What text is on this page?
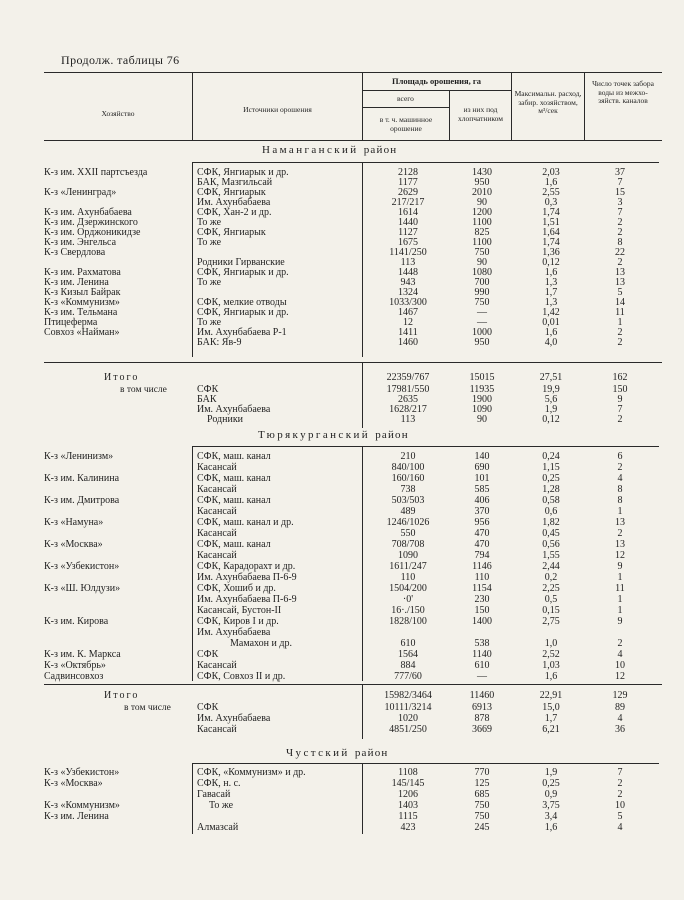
Продолж. таблицы 76
Хозяйство	Источники орошения
Площадь орошения, га
всего
в т. ч. машинное орошение
из них под хлопчатником
Максимальн. расход, забир. хозяйством, м³/сек
Число точек забора воды из межхо-зяйств. каналов
Наманганский район
К-з им. XXII партсъезда	СФК, Янгиарык и др.	2128	1430	2,03	37
БАК, Мазгильсай	1177	950	1,6	7
К-з «Ленинград»	СФК, Янгиарык	2629	2010	2,55	15
Им. Ахунбабаева	217/217	90	0,3	3
К-з им. Ахунбабаева	СФК, Хан-2 и др.	1614	1200	1,74	7
К-з им. Дзержинского	То же	1440	1100	1,51	2
К-з им. Орджоникидзе	СФК, Янгиарык	1127	825	1,64	2
К-з им. Энгельса	То же	1675	1100	1,74	8
К-з Свердлова	1141/250	750	1,36	22
Родники Гирванские	113	90	0,12	2
К-з им. Рахматова	СФК, Янгиарык и др.	1448	1080	1,6	13
К-з им. Ленина	То же	943	700	1,3	13
К-з Кизыл Байрак	1324	990	1,7	5
К-з «Коммунизм»	СФК, мелкие отводы	1033/300	750	1,3	14
К-з им. Тельмана	СФК, Янгиарык и др.	1467	—	1,42	11
Птицеферма	То же	12	—	0,01	1
Совхоз «Найман»	Им. Ахунбабаева Р-1	1411	1000	1,6	2
БАК: Яв-9	1460	950	4,0	2
Итого
в том числе
22359/767	15015	27,51	162
СФК	17981/550	11935	19,9	150
БАК	2635	1900	5,6	9
Им. Ахунбабаева	1628/217	1090	1,9	7
Родники	113	90	0,12	2
Тюрякурганский район
К-з «Ленинизм»	СФК, маш. канал	210	140	0,24	6
Касансай	840/100	690	1,15	2
К-з им. Калинина	СФК, маш. канал	160/160	101	0,25	4
Касансай	738	585	1,28	8
К-з им. Дмитрова	СФК, маш. канал	503/503	406	0,58	8
Касансай	489	370	0,6	1
К-з «Намуна»	СФК, маш. канал и др.	1246/1026	956	1,82	13
Касансай	550	470	0,45	2
К-з «Москва»	СФК, маш. канал	708/708	470	0,56	13
Касансай	1090	794	1,55	12
К-з «Узбекистон»	СФК, Карадорахт и др.	1611/247	1146	2,44	9
Им. Ахунбабаева П-6-9	110	110	0,2	1
К-з «Ш. Юлдузи»	СФК, Хошиб и др.	1504/200	1154	2,25	11
Им. Ахунбабаева П-6-9	·0'	230	0,5	1
Касансай, Бустон-II	16·./150	150	0,15	1
К-з им. Кирова	СФК, Киров I и др.	1828/100	1400	2,75	9
Им. Ахунбабаева
Мамахон и др.	610	538	1,0	2
К-з им. К. Маркса	СФК	1564	1140	2,52	4
К-з «Октябрь»	Касансай	884	610	1,03	10
Садвинсовхоз	СФК, Совхоз II и др.	777/60	—	1,6	12
Итого
в том числе
15982/3464	11460	22,91	129
СФК	10111/3214	6913	15,0	89
Им. Ахунбабаева	1020	878	1,7	4
Касансай	4851/250	3669	6,21	36
Чустский район
К-з «Узбекистон»	СФК, «Коммунизм» и др.	1108	770	1,9	7
К-з «Москва»	СФК, н. с.	145/145	125	0,25	2
Гавасай	1206	685	0,9	2
К-з «Коммунизм»	То же	1403	750	3,75	10
К-з им. Ленина	1115	750	3,4	5
Алмазсай	423	245	1,6	4
